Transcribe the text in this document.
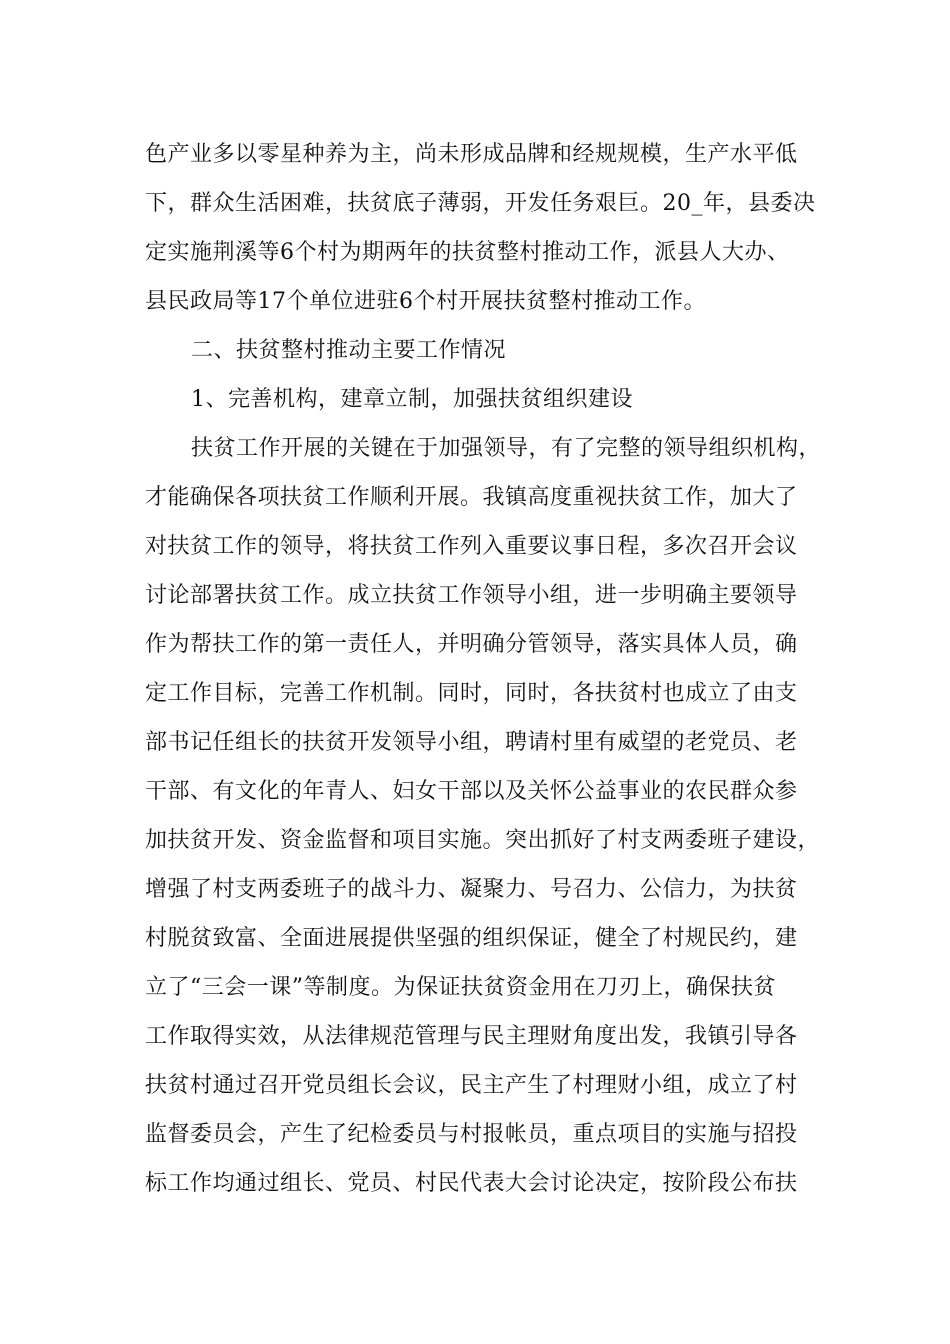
色产业多以零星种养为主，尚未形成品牌和经规规模，生产水平低
下，群众生活困难，扶贫底子薄弱，开发任务艰巨。20_年，县委决
定实施荆溪等6个村为期两年的扶贫整村推动工作，派县人大办、
县民政局等17个单位进驻6个村开展扶贫整村推动工作。
二、扶贫整村推动主要工作情况
1、完善机构，建章立制，加强扶贫组织建设
扶贫工作开展的关键在于加强领导，有了完整的领导组织机构，
才能确保各项扶贫工作顺利开展。我镇高度重视扶贫工作，加大了
对扶贫工作的领导，将扶贫工作列入重要议事日程，多次召开会议
讨论部署扶贫工作。成立扶贫工作领导小组，进一步明确主要领导
作为帮扶工作的第一责任人，并明确分管领导，落实具体人员，确
定工作目标，完善工作机制。同时，同时，各扶贫村也成立了由支
部书记任组长的扶贫开发领导小组，聘请村里有威望的老党员、老
干部、有文化的年青人、妇女干部以及关怀公益事业的农民群众参
加扶贫开发、资金监督和项目实施。突出抓好了村支两委班子建设，
增强了村支两委班子的战斗力、凝聚力、号召力、公信力，为扶贫
村脱贫致富、全面进展提供坚强的组织保证，健全了村规民约，建
立了“三会一课”等制度。为保证扶贫资金用在刀刃上，确保扶贫
工作取得实效，从法律规范管理与民主理财角度出发，我镇引导各
扶贫村通过召开党员组长会议，民主产生了村理财小组，成立了村
监督委员会，产生了纪检委员与村报帐员，重点项目的实施与招投
标工作均通过组长、党员、村民代表大会讨论决定，按阶段公布扶
